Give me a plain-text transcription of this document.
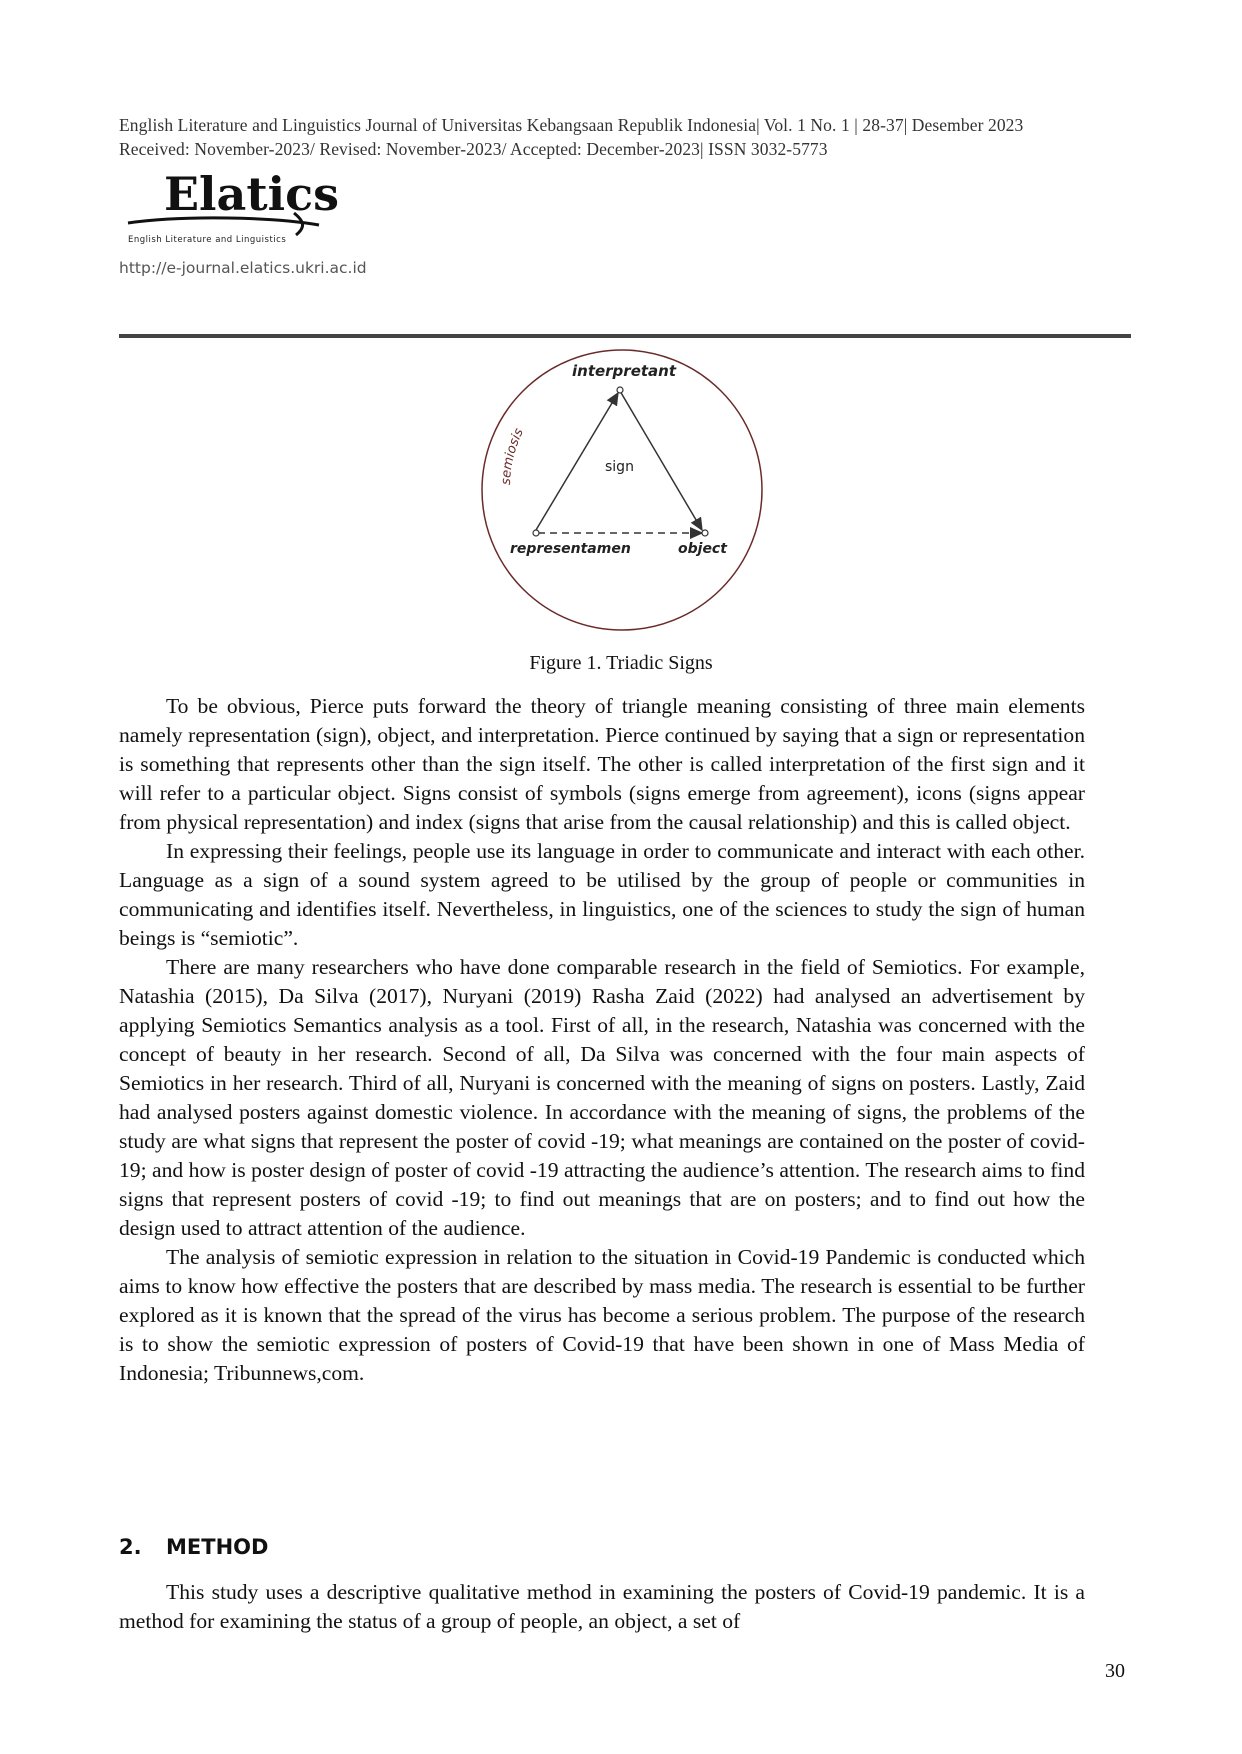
English Literature and Linguistics Journal of Universitas Kebangsaan Republik Indonesia| Vol. 1 No. 1 | 28-37| Desember 2023
Received: November-2023/ Revised: November-2023/ Accepted: December-2023| ISSN 3032-5773
Elatics
English Literature and Linguistics
http://e-journal.elatics.ukri.ac.id
semiosis
interpretant
sign
representamen	object
Figure 1. Triadic Signs

To be obvious, Pierce puts forward the theory of triangle meaning consisting of three main elements namely representation (sign), object, and interpretation. Pierce continued by saying that a sign or representation is something that represents other than the sign itself. The other is called interpretation of the first sign and it will refer to a particular object. Signs consist of symbols (signs emerge from agreement), icons (signs appear from physical representation) and index (signs that arise from the causal relationship) and this is called object.

In expressing their feelings, people use its language in order to communicate and interact with each other. Language as a sign of a sound system agreed to be utilised by the group of people or communities in communicating and identifies itself. Nevertheless, in linguistics, one of the sciences to study the sign of human beings is “semiotic”.

There are many researchers who have done comparable research in the field of Semiotics. For example, Natashia (2015), Da Silva (2017), Nuryani (2019) Rasha Zaid (2022) had analysed an advertisement by applying Semiotics Semantics analysis as a tool. First of all, in the research, Natashia was concerned with the concept of beauty in her research. Second of all, Da Silva was concerned with the four main aspects of Semiotics in her research. Third of all, Nuryani is concerned with the meaning of signs on posters. Lastly, Zaid had analysed posters against domestic violence. In accordance with the meaning of signs, the problems of the study are what signs that represent the poster of covid -19; what meanings are contained on the poster of covid-19; and how is poster design of poster of covid -19 attracting the audience’s attention. The research aims to find signs that represent posters of covid -19; to find out meanings that are on posters; and to find out how the design used to attract attention of the audience.

The analysis of semiotic expression in relation to the situation in Covid-19 Pandemic is conducted which aims to know how effective the posters that are described by mass media. The research is essential to be further explored as it is known that the spread of the virus has become a serious problem. The purpose of the research is to show the semiotic expression of posters of Covid-19 that have been shown in one of Mass Media of Indonesia; Tribunnews,com.

2. METHOD

This study uses a descriptive qualitative method in examining the posters of Covid-19 pandemic. It is a method for examining the status of a group of people, an object, a set of

30
